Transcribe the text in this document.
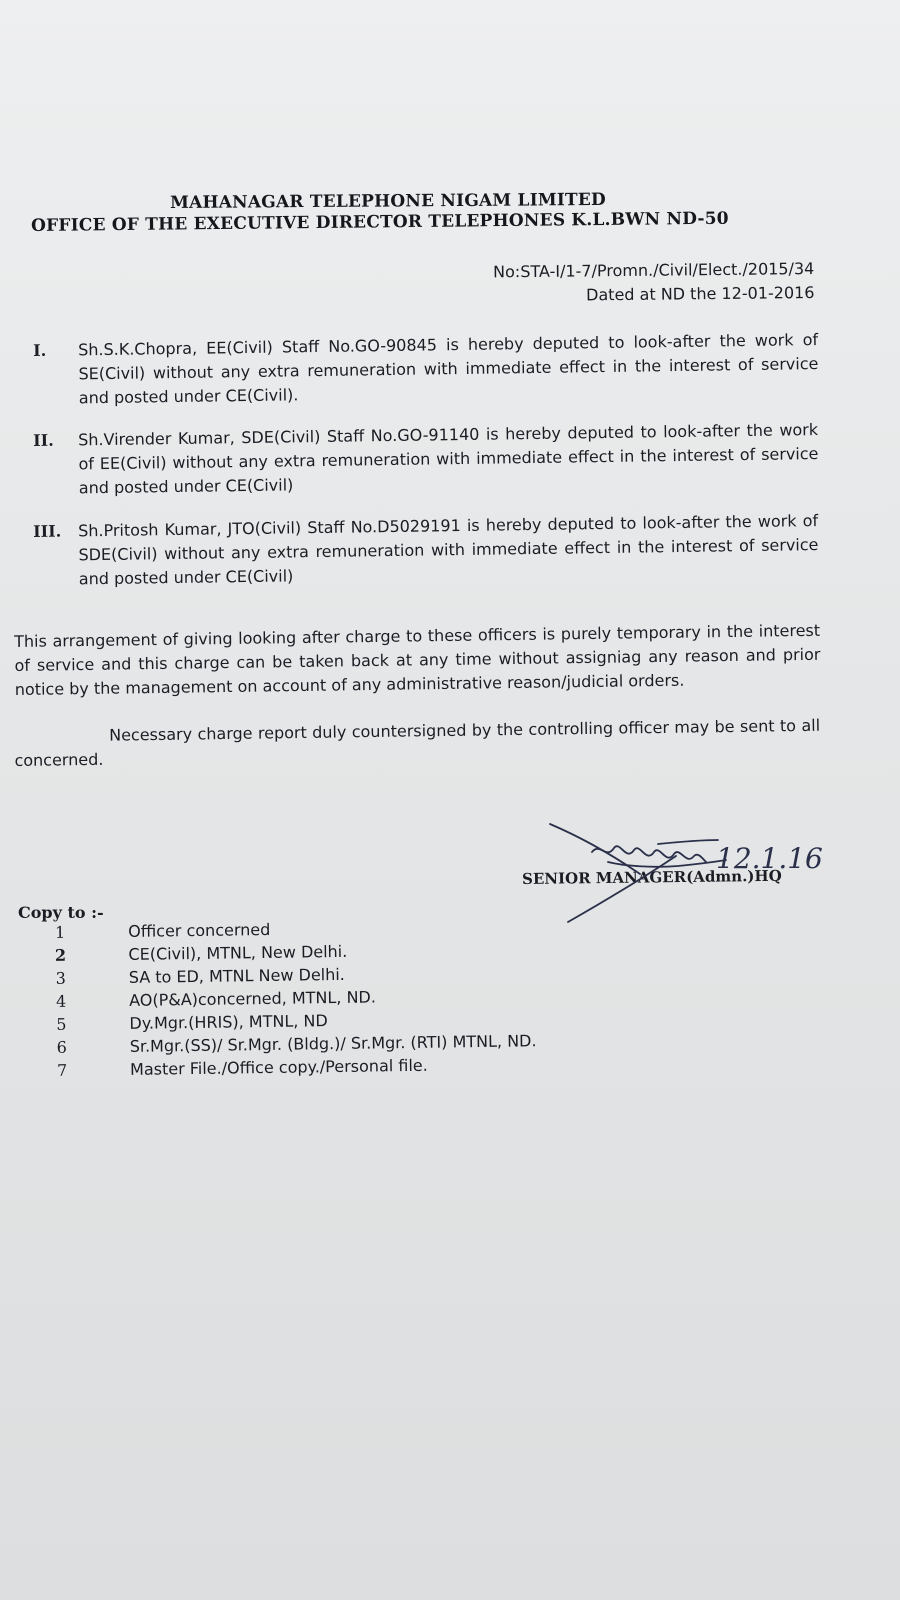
MAHANAGAR TELEPHONE NIGAM LIMITED
OFFICE OF THE EXECUTIVE DIRECTOR TELEPHONES K.L.BWN ND-50
No:STA-I/1-7/Promn./Civil/Elect./2015/34
Dated at ND the 12-01-2016
I. Sh.S.K.Chopra, EE(Civil) Staff No.GO-90845 is hereby deputed to look-after the work of SE(Civil) without any extra remuneration with immediate effect in the interest of service and posted under CE(Civil).
II. Sh.Virender Kumar, SDE(Civil) Staff No.GO-91140 is hereby deputed to look-after the work of EE(Civil) without any extra remuneration with immediate effect in the interest of service and posted under CE(Civil)
III. Sh.Pritosh Kumar, JTO(Civil) Staff No.D5029191 is hereby deputed to look-after the work of SDE(Civil) without any extra remuneration with immediate effect in the interest of service and posted under CE(Civil)
This arrangement of giving looking after charge to these officers is purely temporary in the interest of service and this charge can be taken back at any time without assigniag any reason and prior notice by the management on account of any administrative reason/judicial orders.
Necessary charge report duly countersigned by the controlling officer may be sent to all concerned.
SENIOR MANAGER(Admn.)HQ
12.1.16
Copy to :-
1	Officer concerned
2	CE(Civil), MTNL, New Delhi.
3	SA to ED, MTNL New Delhi.
4	AO(P&A)concerned, MTNL, ND.
5	Dy.Mgr.(HRIS), MTNL, ND
6	Sr.Mgr.(SS)/ Sr.Mgr. (Bldg.)/ Sr.Mgr. (RTI) MTNL, ND.
7	Master File./Office copy./Personal file.
